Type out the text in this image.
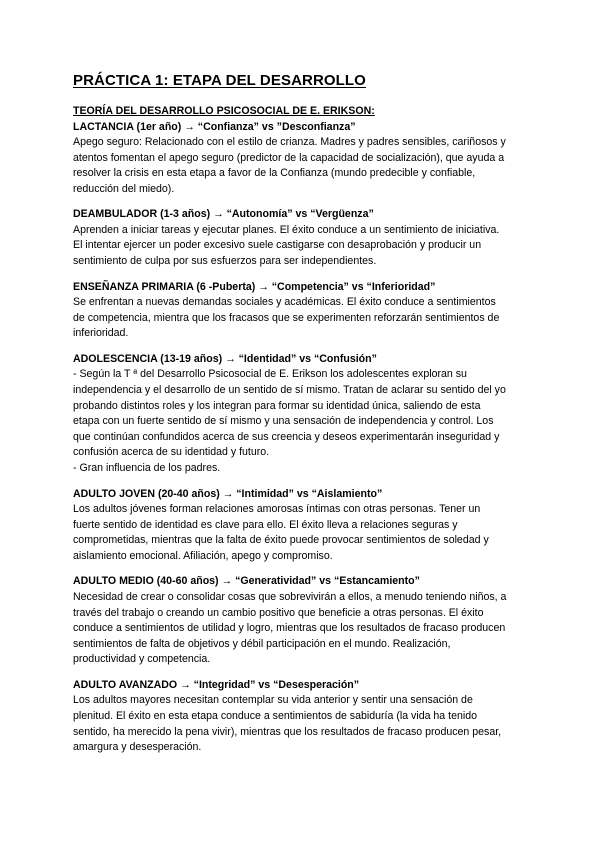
PRÁCTICA 1: ETAPA DEL DESARROLLO
TEORÍA DEL DESARROLLO PSICOSOCIAL DE E. ERIKSON:

LACTANCIA (1er año) → “Confianza” vs ”Desconfianza”

Apego seguro: Relacionado con el estilo de crianza. Madres y padres sensibles, cariñosos y
atentos fomentan el apego seguro (predictor de la capacidad de socialización), que ayuda a
resolver la crisis en esta etapa a favor de la Confianza (mundo predecible y confiable,
reducción del miedo).

DEAMBULADOR (1-3 años) → “Autonomía” vs “Vergüenza”

Aprenden a iniciar tareas y ejecutar planes. El éxito conduce a un sentimiento de iniciativa.
El intentar ejercer un poder excesivo suele castigarse con desaprobación y producir un
sentimiento de culpa por sus esfuerzos para ser independientes.

ENSEÑANZA PRIMARIA (6 -Puberta) → “Competencia” vs “Inferioridad”

Se enfrentan a nuevas demandas sociales y académicas. El éxito conduce a sentimientos
de competencia, mientra que los fracasos que se experimenten reforzarán sentimientos de
inferioridad.

ADOLESCENCIA (13-19 años) → “Identidad” vs “Confusión”

- Según la T ª del Desarrollo Psicosocial de E. Erikson los adolescentes exploran su
independencia y el desarrollo de un sentido de sí mismo. Tratan de aclarar su sentido del yo
probando distintos roles y los integran para formar su identidad única, saliendo de esta
etapa con un fuerte sentido de sí mismo y una sensación de independencia y control. Los
que continúan confundidos acerca de sus creencia y deseos experimentarán inseguridad y
confusión acerca de su identidad y futuro.
- Gran influencia de los padres.

ADULTO JOVEN (20-40 años) → “Intimidad” vs “Aislamiento”

Los adultos jóvenes forman relaciones amorosas íntimas con otras personas. Tener un
fuerte sentido de identidad es clave para ello. El éxito lleva a relaciones seguras y
comprometidas, mientras que la falta de éxito puede provocar sentimientos de soledad y
aislamiento emocional. Afiliación, apego y compromiso.

ADULTO MEDIO (40-60 años) → “Generatividad” vs “Estancamiento”

Necesidad de crear o consolidar cosas que sobrevivirán a ellos, a menudo teniendo niños, a
través del trabajo o creando un cambio positivo que beneficie a otras personas. El éxito
conduce a sentimientos de utilidad y logro, mientras que los resultados de fracaso producen
sentimientos de falta de objetivos y débil participación en el mundo. Realización,
productividad y competencia.

ADULTO AVANZADO → “Integridad” vs “Desesperación”

Los adultos mayores necesitan contemplar su vida anterior y sentir una sensación de
plenitud. El éxito en esta etapa conduce a sentimientos de sabiduría (la vida ha tenido
sentido, ha merecido la pena vivir), mientras que los resultados de fracaso producen pesar,
amargura y desesperación.
